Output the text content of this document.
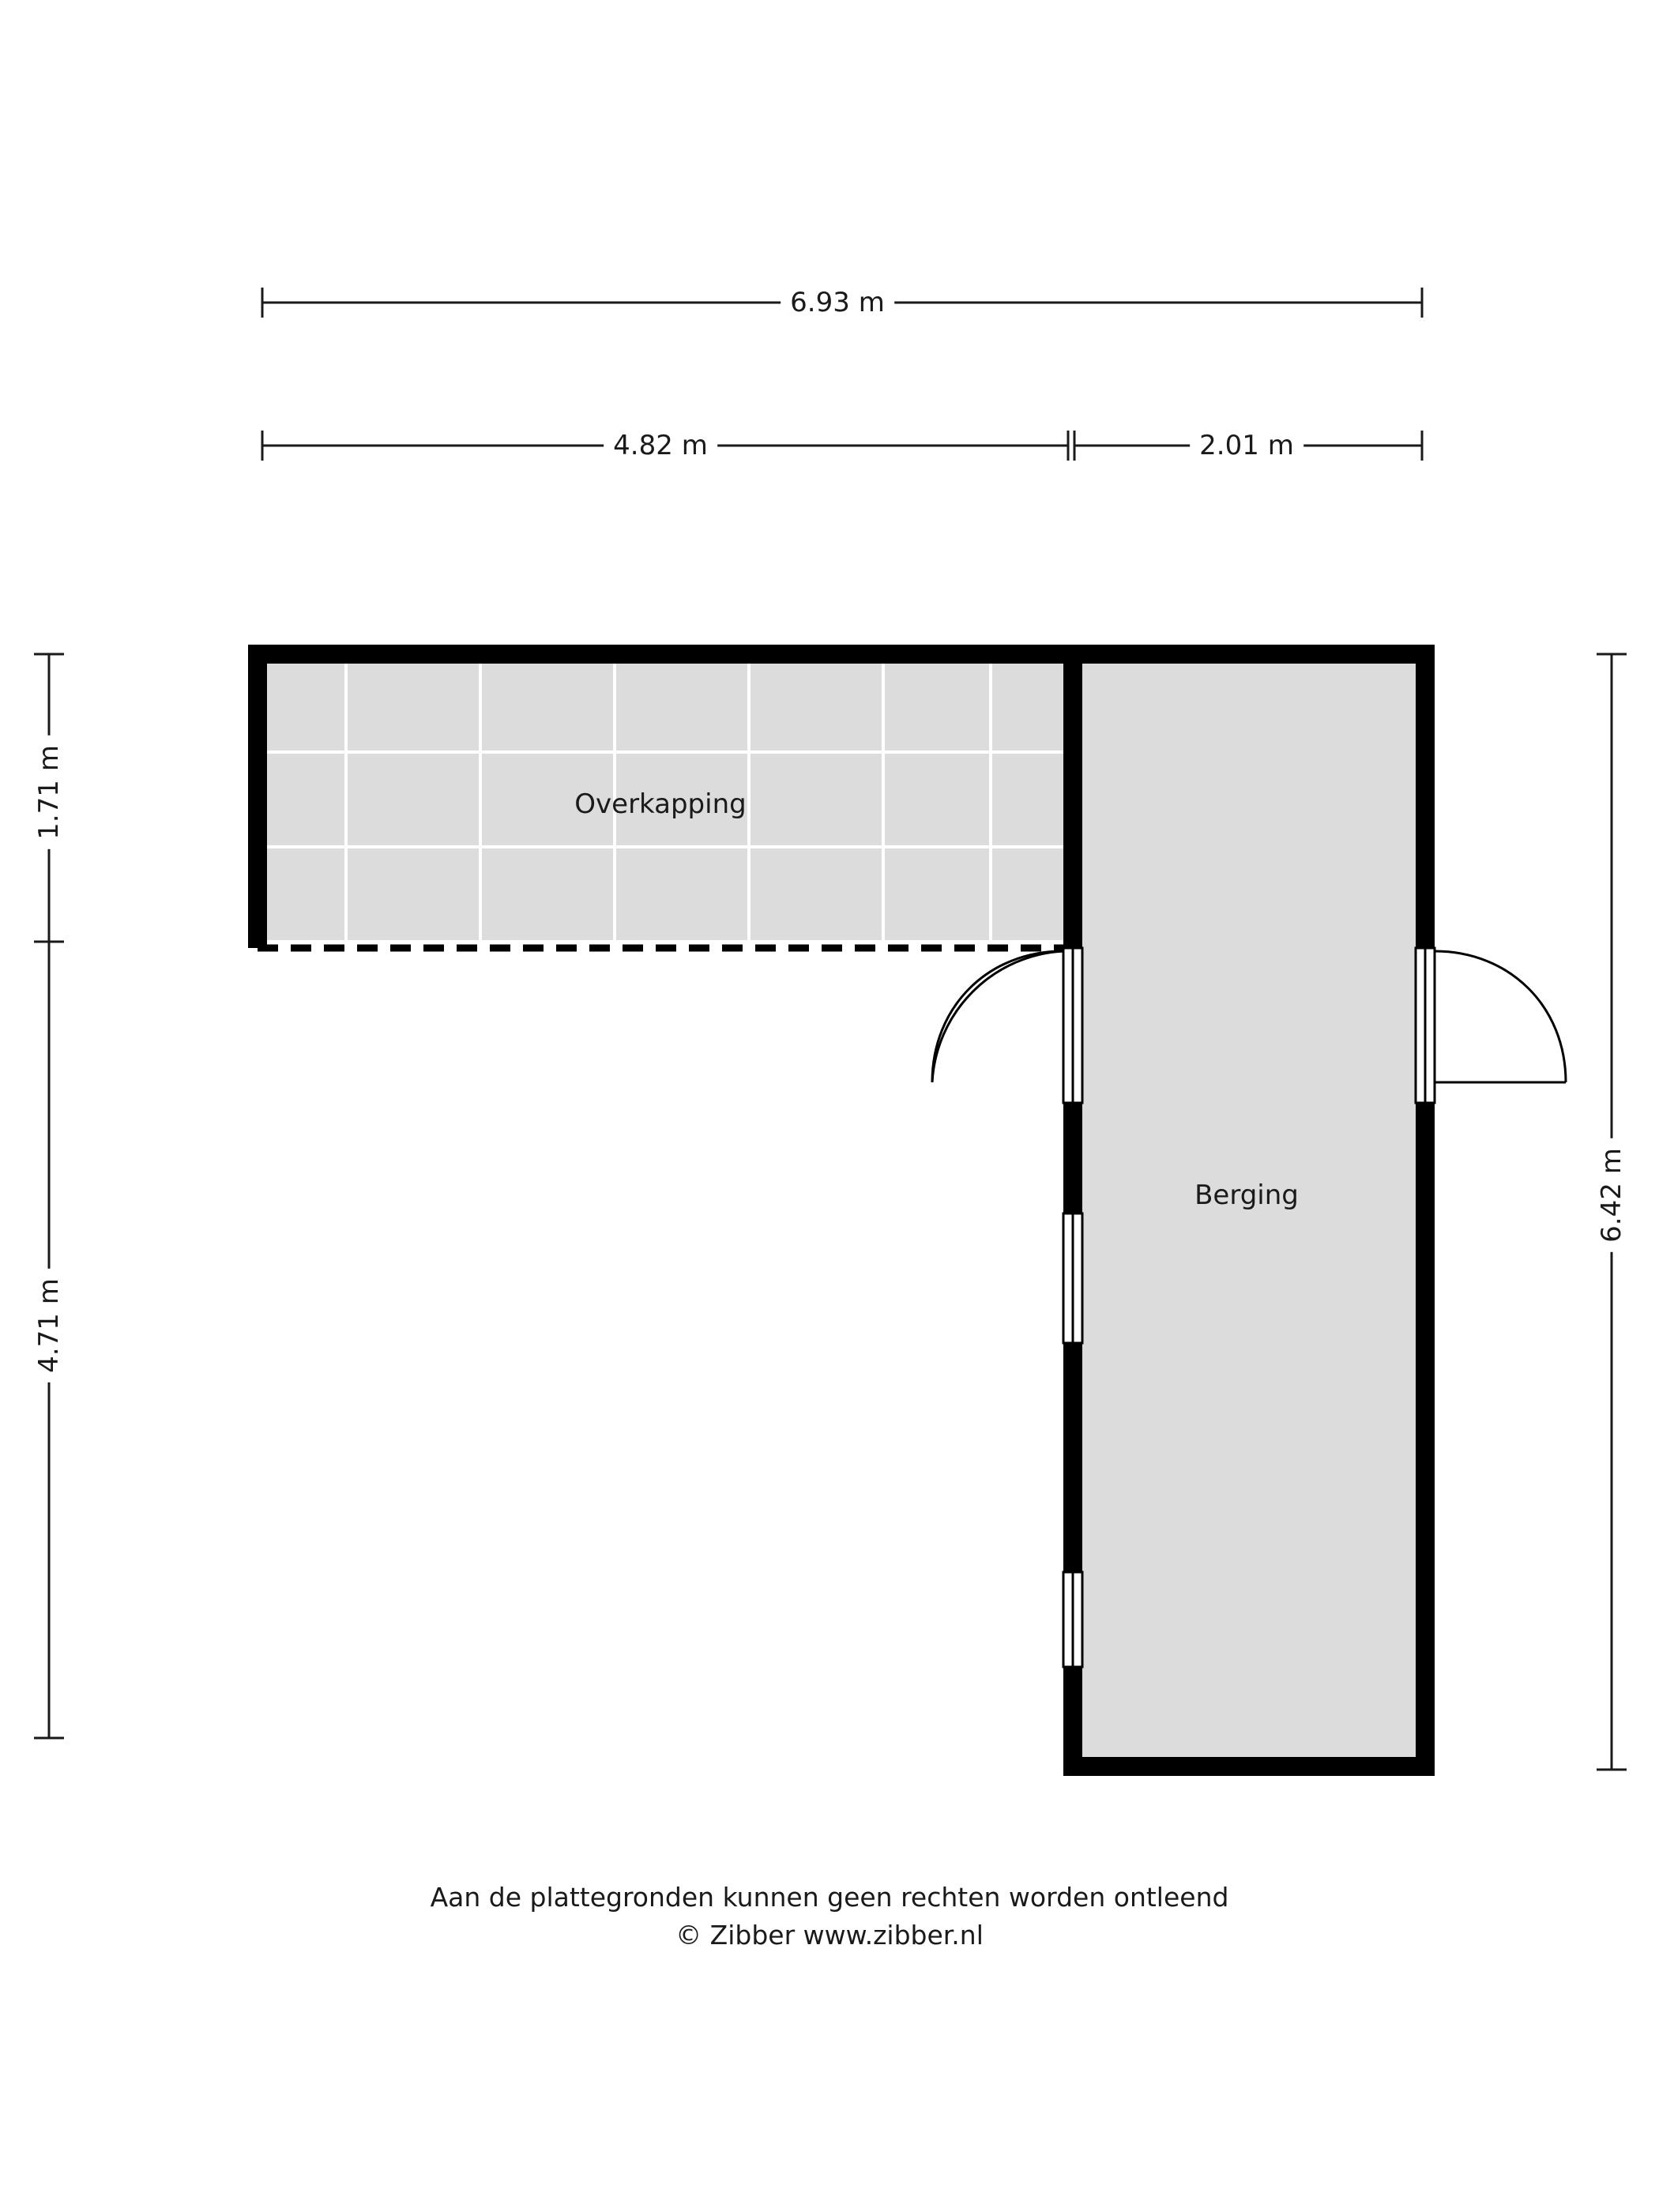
6.93 m
4.82 m	2.01 m
1.71 m
4.71 m
6.42 m
Overkapping
Berging
Aan de plattegronden kunnen geen rechten worden ontleend
© Zibber www.zibber.nl
